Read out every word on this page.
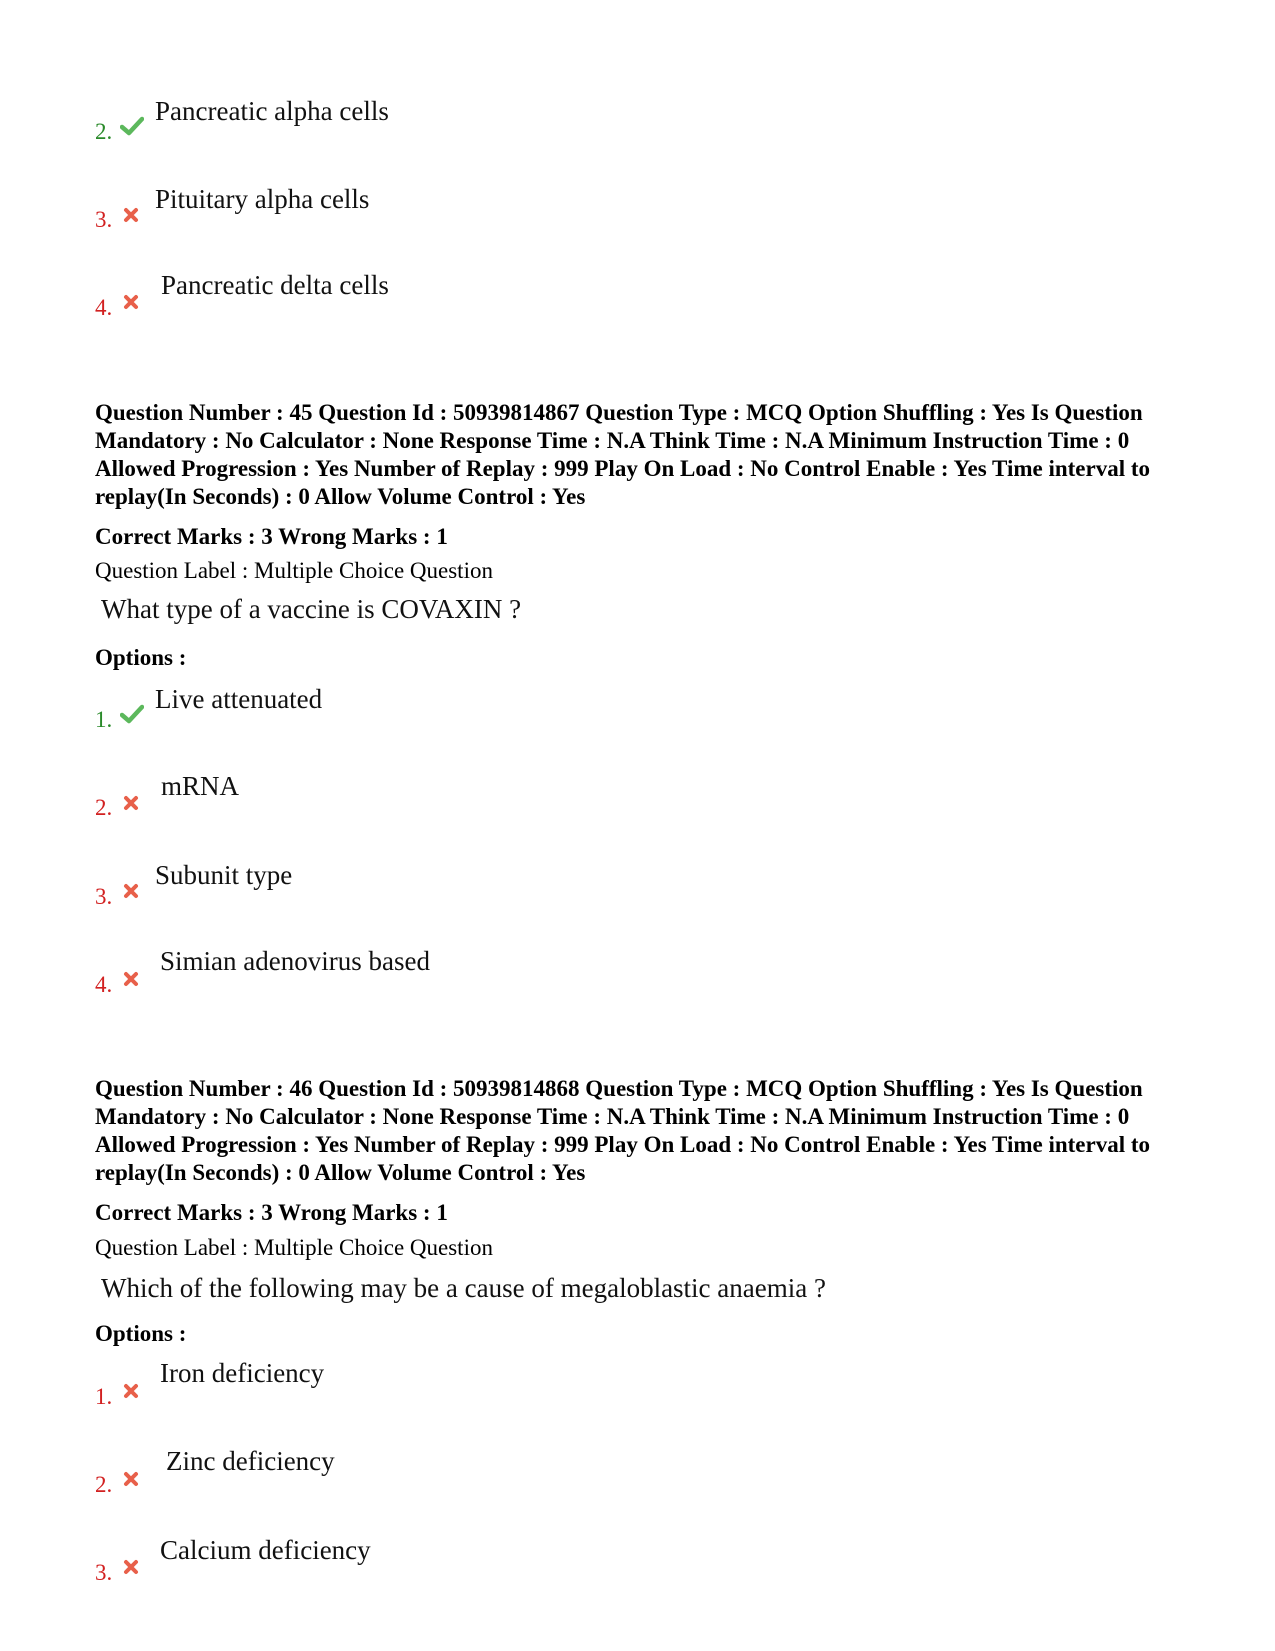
2.
Pancreatic alpha cells
3.
Pituitary alpha cells
4.
Pancreatic delta cells

Question Number : 45 Question Id : 50939814867 Question Type : MCQ Option Shuffling : Yes Is Question Mandatory : No Calculator : None Response Time : N.A Think Time : N.A Minimum Instruction Time : 0 Allowed Progression : Yes Number of Replay : 999 Play On Load : No Control Enable : Yes Time interval to replay(In Seconds) : 0 Allow Volume Control : Yes

Correct Marks : 3 Wrong Marks : 1

Question Label : Multiple Choice Question

What type of a vaccine is COVAXIN ?

Options :

1.
Live attenuated
2.
mRNA
3.
Subunit type
4.
Simian adenovirus based

Question Number : 46 Question Id : 50939814868 Question Type : MCQ Option Shuffling : Yes Is Question Mandatory : No Calculator : None Response Time : N.A Think Time : N.A Minimum Instruction Time : 0 Allowed Progression : Yes Number of Replay : 999 Play On Load : No Control Enable : Yes Time interval to replay(In Seconds) : 0 Allow Volume Control : Yes

Correct Marks : 3 Wrong Marks : 1

Question Label : Multiple Choice Question

Which of the following may be a cause of megaloblastic anaemia ?

Options :

1.
Iron deficiency
2.
Zinc deficiency
3.
Calcium deficiency
